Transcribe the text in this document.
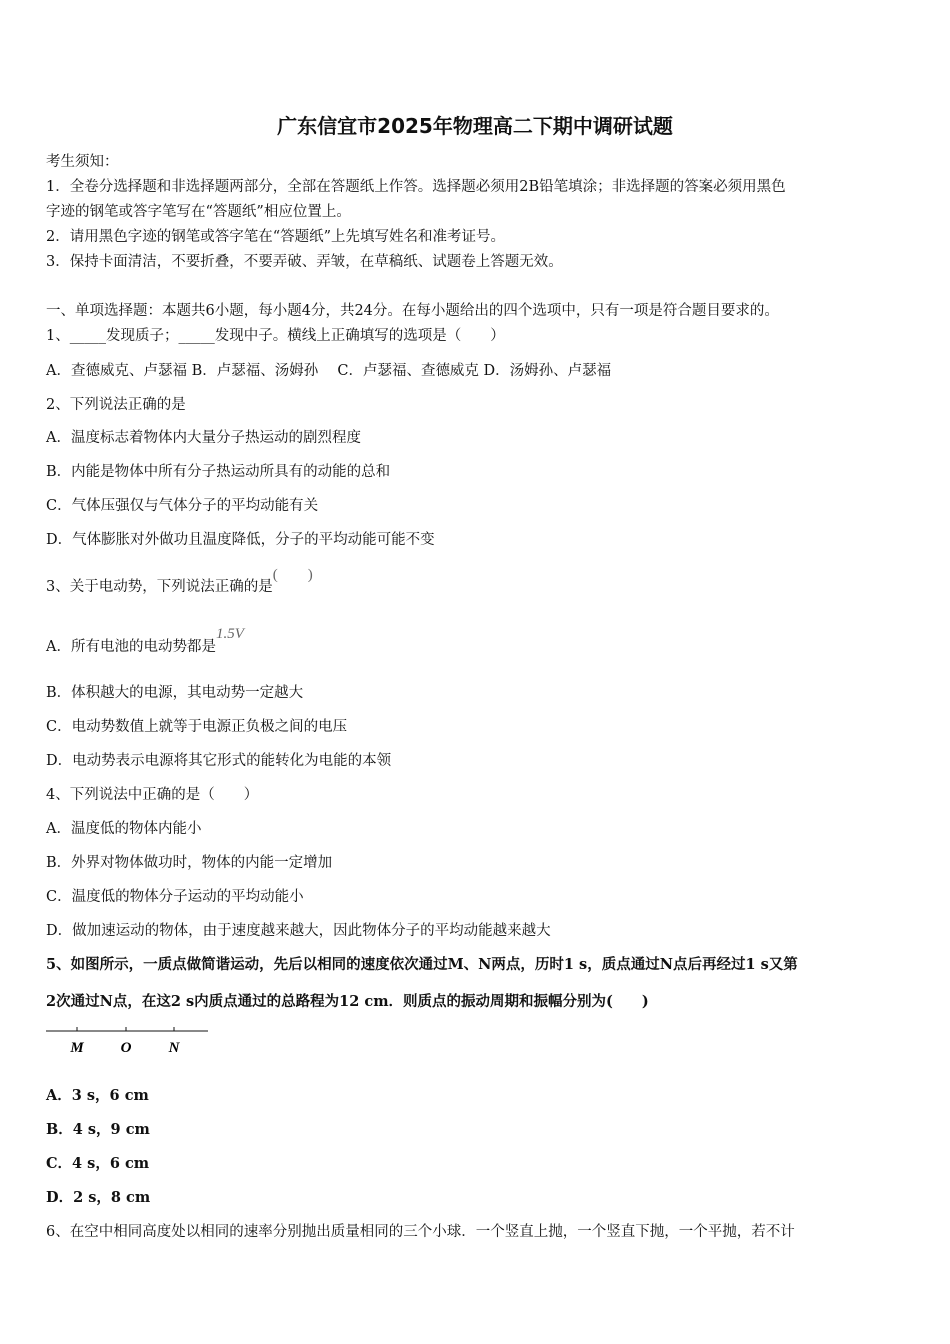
广东信宜市2025年物理高二下期中调研试题
考生须知：
1．全卷分选择题和非选择题两部分，全部在答题纸上作答。选择题必须用2B铅笔填涂；非选择题的答案必须用黑色
字迹的钢笔或答字笔写在“答题纸”相应位置上。
2．请用黑色字迹的钢笔或答字笔在“答题纸”上先填写姓名和准考证号。
3．保持卡面清洁，不要折叠，不要弄破、弄皱，在草稿纸、试题卷上答题无效。
一、单项选择题：本题共6小题，每小题4分，共24分。在每小题给出的四个选项中，只有一项是符合题目要求的。
1、_____发现质子；_____发现中子。横线上正确填写的选项是（　　）
A．查德威克、卢瑟福 B．卢瑟福、汤姆孙　 C．卢瑟福、查德威克 D．汤姆孙、卢瑟福
2、下列说法正确的是
A．温度标志着物体内大量分子热运动的剧烈程度
B．内能是物体中所有分子热运动所具有的动能的总和
C．气体压强仅与气体分子的平均动能有关
D．气体膨胀对外做功且温度降低，分子的平均动能可能不变
3、关于电动势，下列说法正确的是(　　)
A．所有电池的电动势都是1.5V
B．体积越大的电源，其电动势一定越大
C．电动势数值上就等于电源正负极之间的电压
D．电动势表示电源将其它形式的能转化为电能的本领
4、下列说法中正确的是（　　）
A．温度低的物体内能小
B．外界对物体做功时，物体的内能一定增加
C．温度低的物体分子运动的平均动能小
D．做加速运动的物体，由于速度越来越大，因此物体分子的平均动能越来越大
5、如图所示，一质点做简谐运动，先后以相同的速度依次通过M、N两点，历时1 s，质点通过N点后再经过1 s又第
2次通过N点，在这2 s内质点通过的总路程为12 cm．则质点的振动周期和振幅分别为(　　)
M O N
A．3 s，6 cm
B．4 s，9 cm
C．4 s，6 cm
D．2 s，8 cm
6、在空中相同高度处以相同的速率分别抛出质量相同的三个小球．一个竖直上抛，一个竖直下抛，一个平抛，若不计
